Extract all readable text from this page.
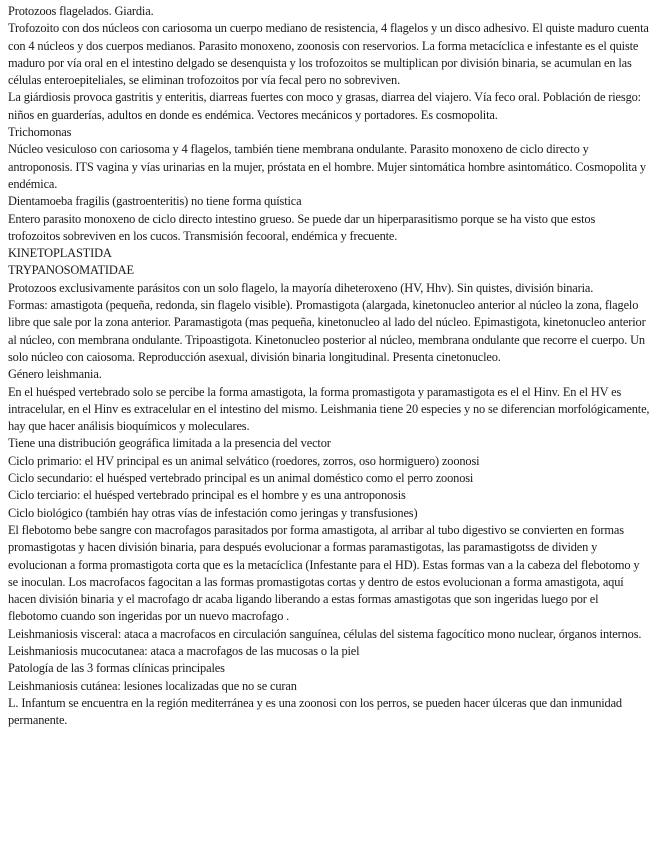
Protozoos flagelados. Giardia.

Trofozoito con dos núcleos con cariosoma un cuerpo mediano de resistencia, 4 flagelos y un disco adhesivo. El quiste maduro cuenta con 4 núcleos y dos cuerpos medianos. Parasito monoxeno, zoonosis con reservorios. La forma metacíclica e infestante es el quiste maduro por vía oral en el intestino delgado se desenquista y los trofozoitos se multiplican por división binaria, se acumulan en las células enteroepiteliales, se eliminan trofozoitos por vía fecal pero no sobreviven.

La giárdiosis provoca gastritis y enteritis, diarreas fuertes con moco y grasas, diarrea del viajero. Vía feco oral. Población de riesgo: niños en guarderías, adultos en donde es endémica. Vectores mecánicos y portadores. Es cosmopolita.

Trichomonas

Núcleo vesiculoso con cariosoma y 4 flagelos, también tiene membrana ondulante. Parasito monoxeno de ciclo directo y antroponosis. ITS vagina y vías urinarias en la mujer, próstata en el hombre. Mujer sintomática hombre asintomático. Cosmopolita y endémica.

Dientamoeba fragilis (gastroenteritis) no tiene forma quística

Entero parasito monoxeno de ciclo directo intestino grueso. Se puede dar un hiperparasitismo porque se ha visto que estos trofozoitos sobreviven en los cucos. Transmisión fecooral, endémica y frecuente.

KINETOPLASTIDA

TRYPANOSOMATIDAE

Protozoos exclusivamente parásitos con un solo flagelo, la mayoría diheteroxeno (HV, Hhv). Sin quistes, división binaria.

Formas: amastigota (pequeña, redonda, sin flagelo visible). Promastigota (alargada, kinetonucleo anterior al núcleo la zona, flagelo libre que sale por la zona anterior. Paramastigota (mas pequeña, kinetonucleo al lado del núcleo. Epimastigota, kinetonucleo anterior al núcleo, con membrana ondulante. Tripoastigota. Kinetonucleo posterior al núcleo, membrana ondulante que recorre el cuerpo. Un solo núcleo con caiosoma. Reproducción asexual, división binaria longitudinal. Presenta cinetonucleo.

Género leishmania.

En el huésped vertebrado solo se percibe la forma amastigota, la forma promastigota y paramastigota es el el Hinv. En el HV es intracelular, en el Hinv es extracelular en el intestino del mismo. Leishmania tiene 20 especies y no se diferencian morfológicamente, hay que hacer análisis bioquímicos y moleculares.

Tiene una distribución geográfica limitada a la presencia del vector

Ciclo primario: el HV principal es un animal selvático (roedores, zorros, oso hormiguero) zoonosi

Ciclo secundario: el huésped vertebrado principal es un animal doméstico como el perro zoonosi

Ciclo terciario: el huésped vertebrado principal es el hombre y es una antroponosis

Ciclo biológico (también hay otras vías de infestación como jeringas y transfusiones)

El flebotomo bebe sangre con macrofagos parasitados por forma amastigota, al arribar al tubo digestivo se convierten en formas promastigotas y hacen división binaria, para después evolucionar a formas paramastigotas, las paramastigotss de dividen y evolucionan a forma promastigota corta que es la metacíclica (Infestante para el HD). Estas formas van a la cabeza del flebotomo y se inoculan. Los macrofacos fagocitan a las formas promastigotas cortas y dentro de estos evolucionan a forma amastigota, aquí hacen división binaria y el macrofago dr acaba ligando liberando a estas formas amastigotas que son ingeridas luego por el flebotomo cuando son ingeridas por un nuevo macrofago .

Leishmaniosis visceral: ataca a macrofacos en circulación sanguínea, células del sistema fagocítico mono nuclear, órganos internos.

Leishmaniosis mucocutanea: ataca a macrofagos de las mucosas o la piel

Patología de las 3 formas clínicas principales

Leishmaniosis cutánea: lesiones localizadas que no se curan

L. Infantum se encuentra en la región mediterránea y es una zoonosi con los perros, se pueden hacer úlceras que dan inmunidad permanente.
